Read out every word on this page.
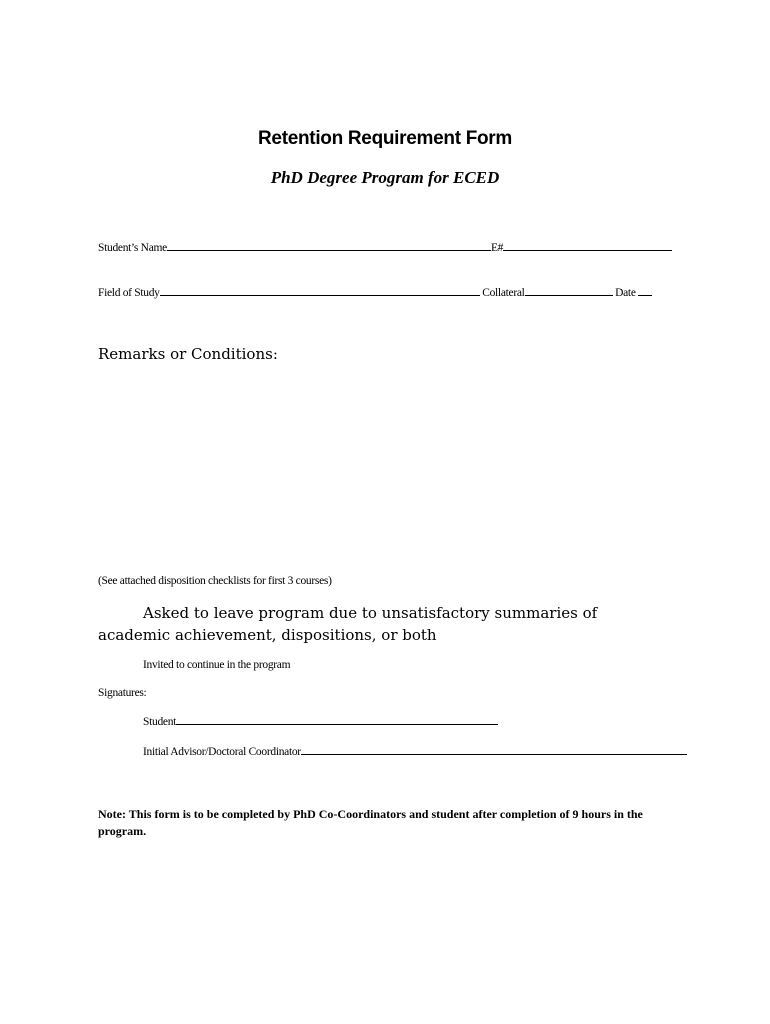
Retention Requirement Form
PhD Degree Program for ECED
Student’s Name	E#
Field of Study	Collateral	Date
Remarks or Conditions:
(See attached disposition checklists for first 3 courses)
Asked to leave program due to unsatisfactory summaries of
academic achievement, dispositions, or both
Invited to continue in the program
Signatures:
Student
Initial Advisor/Doctoral Coordinator
Note: This form is to be completed by PhD Co-Coordinators and student after completion of 9 hours in the program.
